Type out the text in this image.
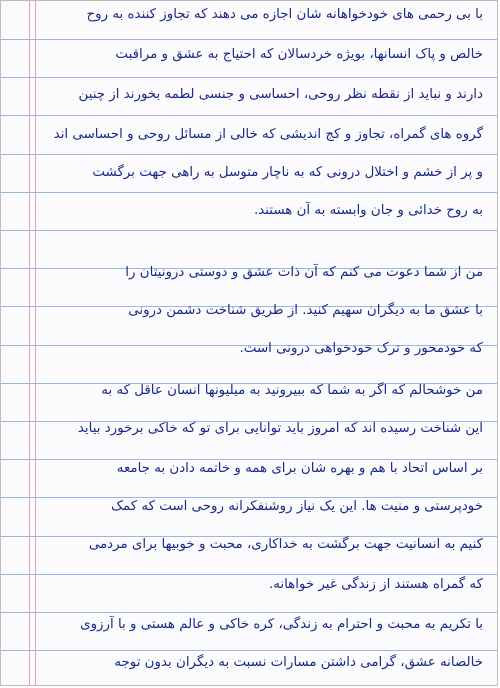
با بی رحمی های خودخواهانه شان اجازه می دهند که تجاوز کننده به روح
خالص و پاک انسانها، بویژه خردسالان که احتیاج به عشق و مراقبت
دارند و نباید از نقطه نظر روحی، احساسی و جنسی لطمه بخورند از چنین
گروه های گمراه، تجاوز و کج اندیشی که خالی از مسائل روحی و احساسی اند
و پر از خشم و اختلال درونی که به ناچار متوسل به راهی جهت برگشت
به روح خدائی و جان وابسته به آن هستند.
من از شما دعوت می کنم که آن ذات عشق و دوستی درونیتان را
با عشق ما به دیگران سهیم کنید. از طریق شناخت دشمن درونی
که خودمحور و ترک خودخواهی درونی است.
من خوشحالم که اگر به شما که ببیرونید به میلیونها انسان عاقل که به
این شناخت رسیده اند که امروز باید توانایی برای تو که خاکی برخورد بیاید
بر اساس اتحاد با هم و بهره شان برای همه و خاتمه دادن به جامعه
خودپرستی و منیت ها. این یک نیاز روشنفکرانه روحی است که کمک
کنیم به انسانیت جهت برگشت به خداکاری، محبت و خوبیها برای مردمی
که گمراه هستند از زندگی غیر خواهانه.
با تکریم به محبت و احترام به زندگی، کره خاکی و عالم هستی و با آرزوی
خالصانه عشق، گرامی داشتن مسارات نسبت به دیگران بدون توجه
